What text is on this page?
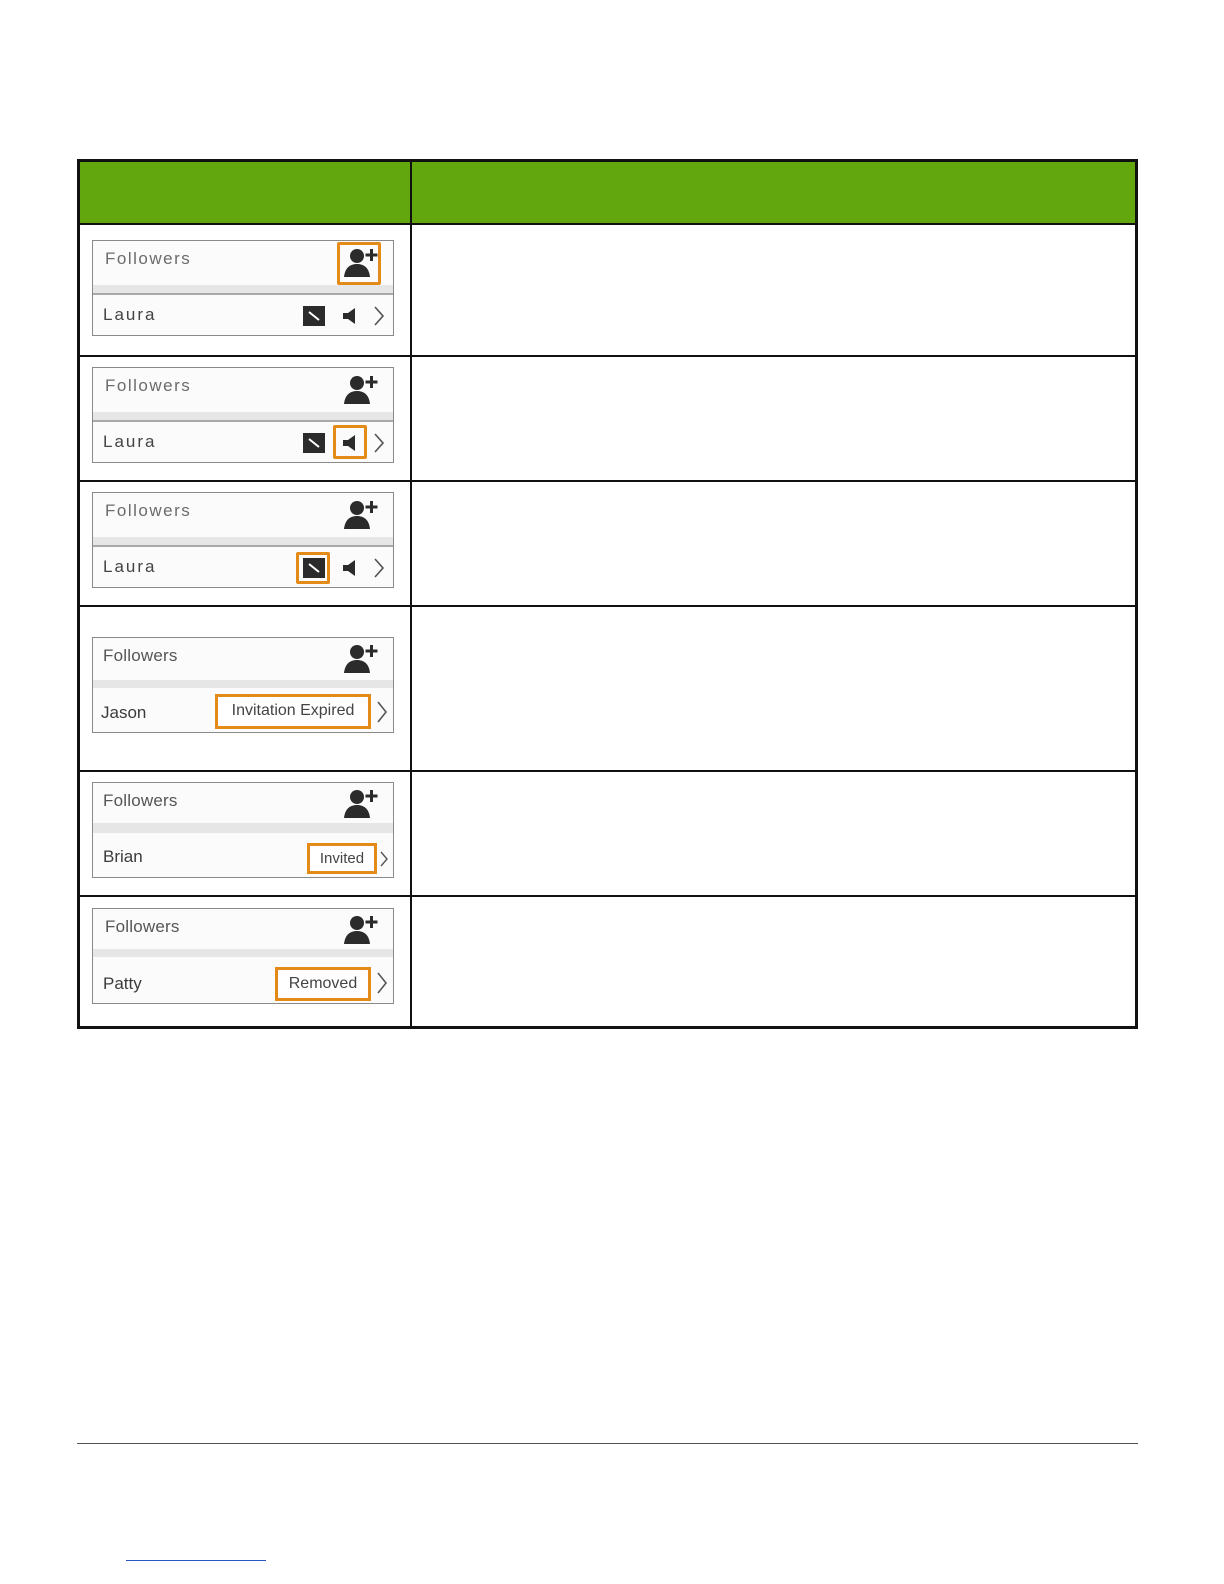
Followers
Laura
Followers
Laura
Followers
Laura
Followers
Jason	Invitation Expired
Followers
Brian	Invited
Followers
Patty	Removed
